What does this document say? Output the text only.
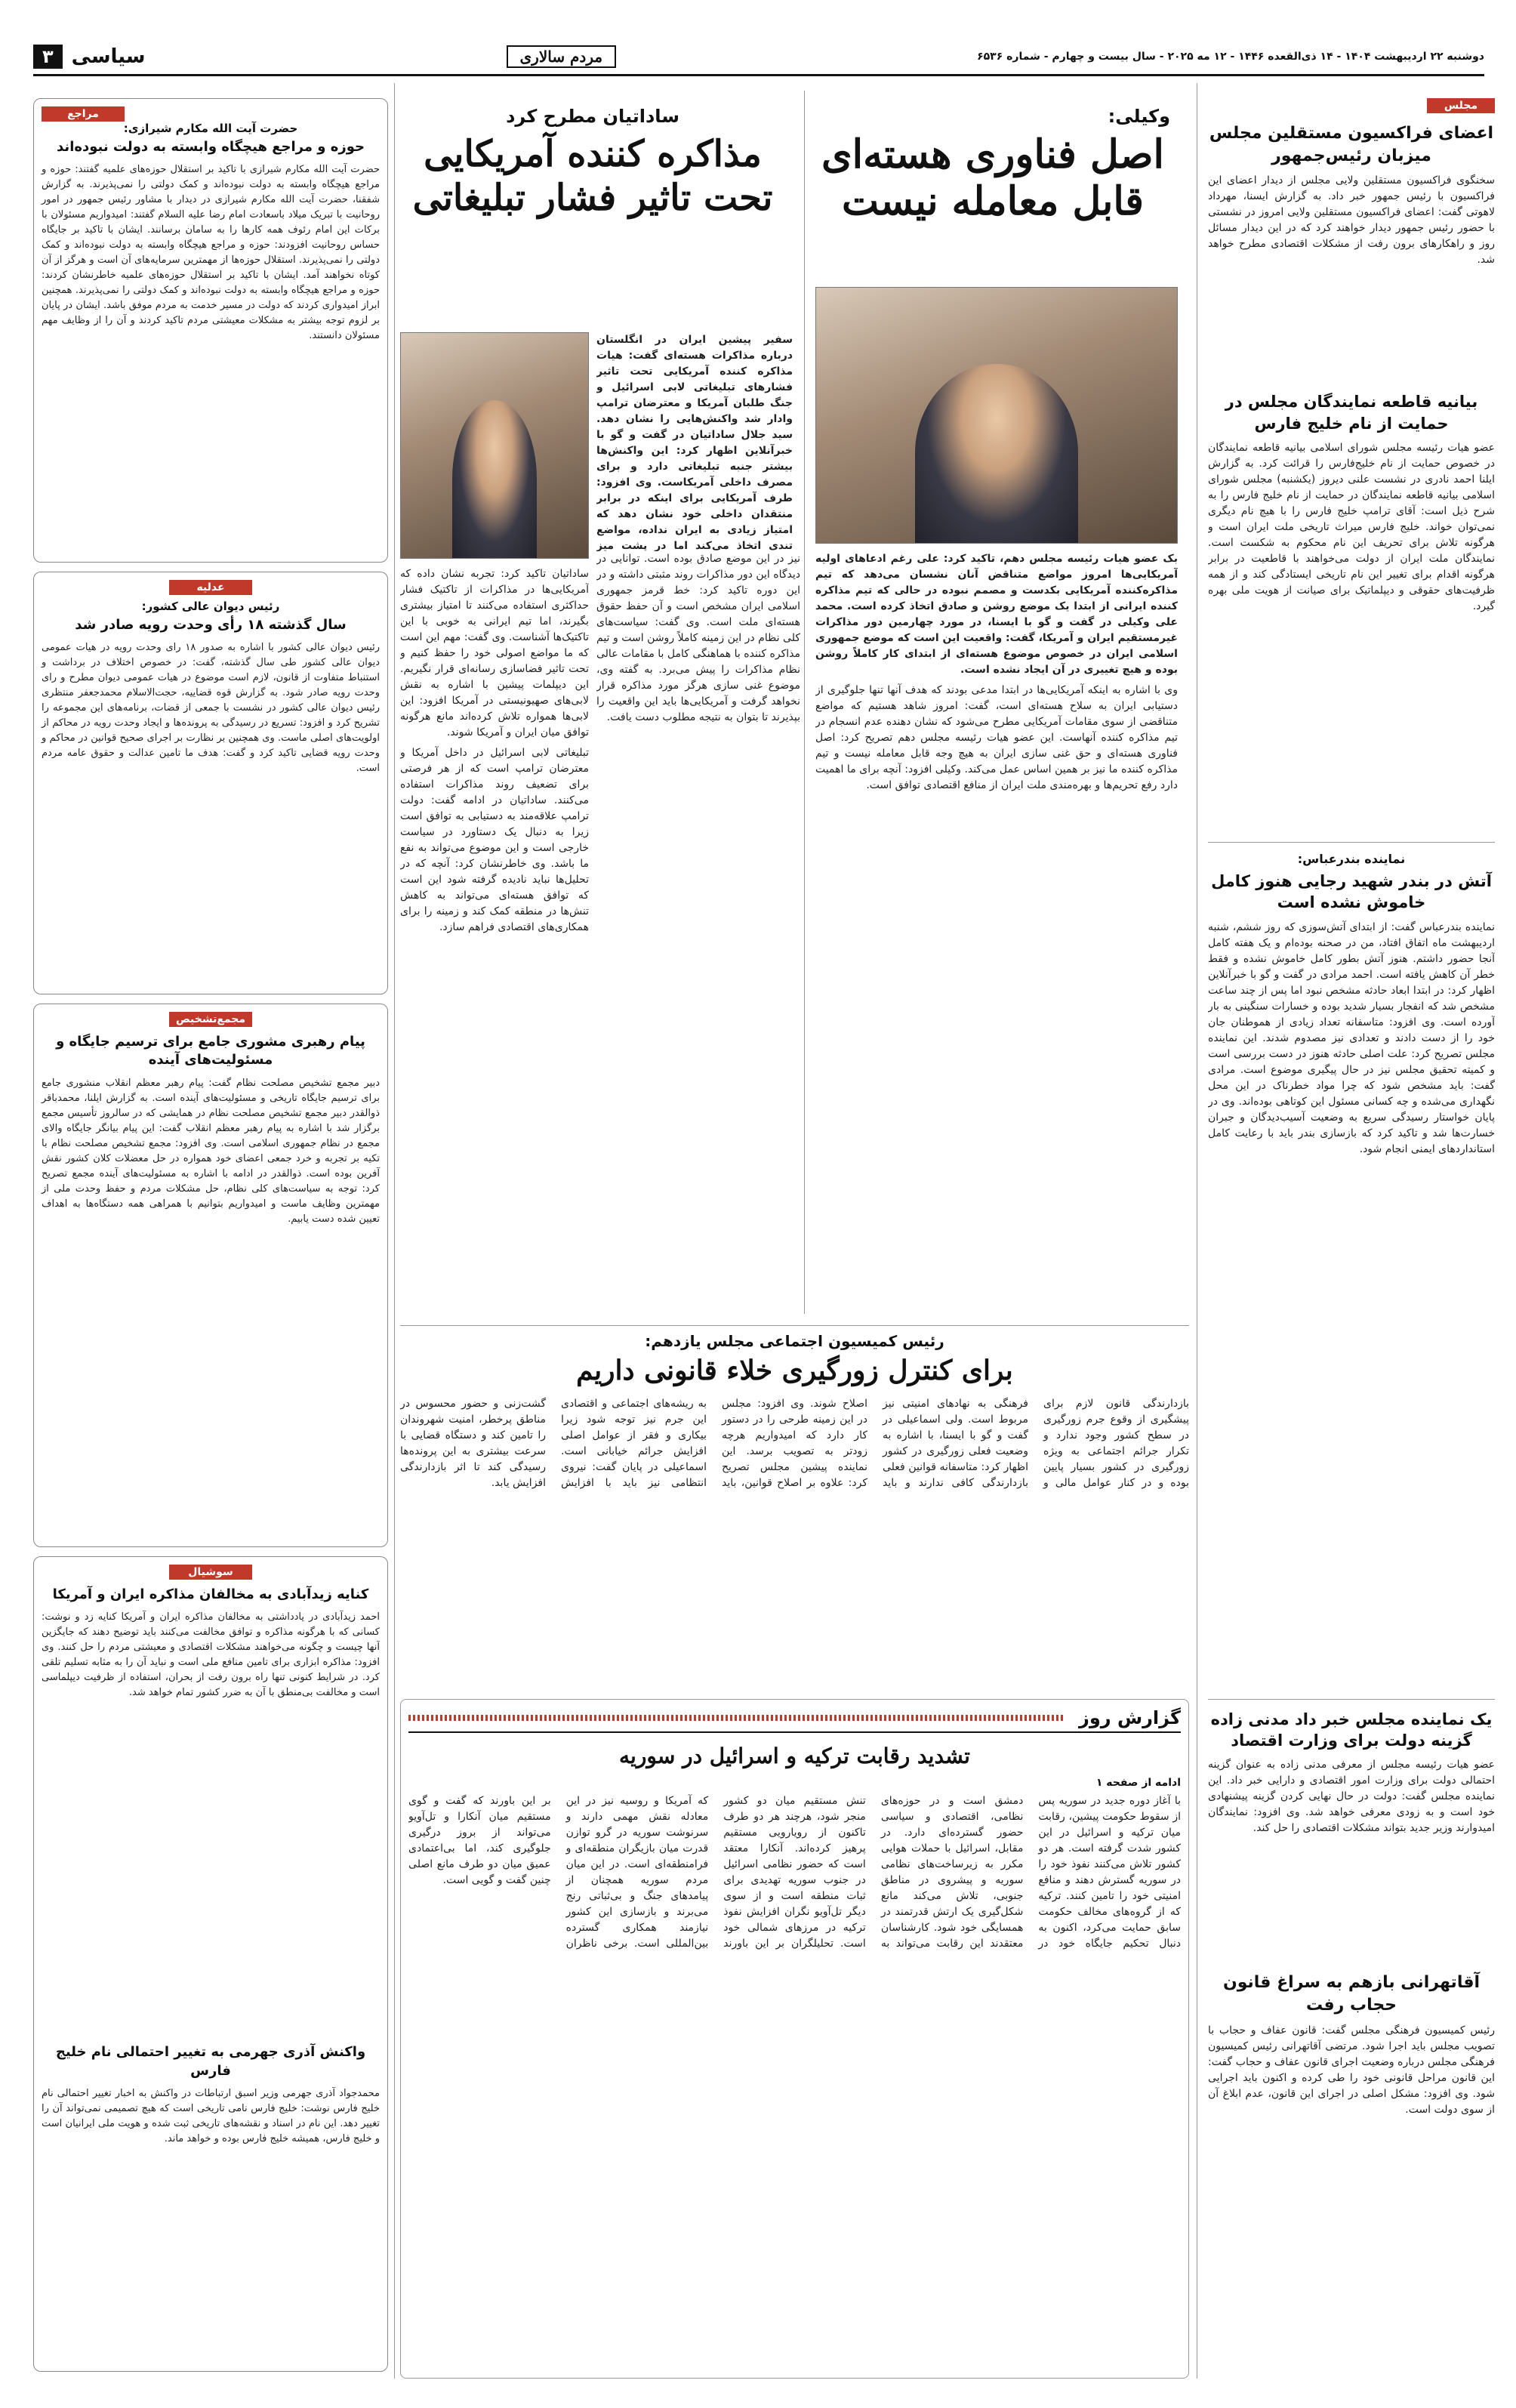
دوشنبه ۲۲ اردیبهشت ۱۴۰۴ - ۱۴ ذی‌القعده ۱۴۴۶ - ۱۲ مه ۲۰۲۵ - سال بیست و چهارم - شماره ۶۵۳۶
مردم سالاری
سیاسی
۳
مجلس
اعضای فراکسیون مستقلین مجلس میزبان رئیس‌جمهور

سخنگوی فراکسیون مستقلین ولایی مجلس از دیدار اعضای این فراکسیون با رئیس جمهور خبر داد. به گزارش ایسنا، مهرداد لاهوتی گفت: اعضای فراکسیون مستقلین ولایی امروز در نشستی با حضور رئیس جمهور دیدار خواهند کرد که در این دیدار مسائل روز و راهکارهای برون رفت از مشکلات اقتصادی مطرح خواهد شد.

بیانیه قاطعه نمایندگان مجلس در حمایت از نام خلیج فارس

عضو هیات رئیسه مجلس شورای اسلامی بیانیه قاطعه نمایندگان در خصوص حمایت از نام خلیج‌فارس را قرائت کرد. به گزارش ایلنا احمد نادری در نشست علنی دیروز (یکشنبه) مجلس شورای اسلامی بیانیه قاطعه نمایندگان در حمایت از نام خلیج فارس را به شرح ذیل است: آقای ترامپ خلیج فارس را با هیچ نام دیگری نمی‌توان خواند. خلیج فارس میراث تاریخی ملت ایران است و هرگونه تلاش برای تحریف این نام محکوم به شکست است. نمایندگان ملت ایران از دولت می‌خواهند با قاطعیت در برابر هرگونه اقدام برای تغییر این نام تاریخی ایستادگی کند و از همه ظرفیت‌های حقوقی و دیپلماتیک برای صیانت از هویت ملی بهره گیرد.

نماینده بندرعباس:
آتش در بندر شهید رجایی هنوز کامل خاموش نشده است

نماینده بندرعباس گفت: از ابتدای آتش‌سوزی که روز ششم، شنبه اردیبهشت ماه اتفاق افتاد، من در صحنه بوده‌ام و یک هفته کامل آنجا حضور داشتم. هنوز آتش بطور کامل خاموش نشده و فقط خطر آن کاهش یافته است. احمد مرادی در گفت و گو با خبرآنلاین اظهار کرد: در ابتدا ابعاد حادثه مشخص نبود اما پس از چند ساعت مشخص شد که انفجار بسیار شدید بوده و خسارات سنگینی به بار آورده است. وی افزود: متاسفانه تعداد زیادی از هموطنان جان خود را از دست دادند و تعدادی نیز مصدوم شدند. این نماینده مجلس تصریح کرد: علت اصلی حادثه هنوز در دست بررسی است و کمیته تحقیق مجلس نیز در حال پیگیری موضوع است. مرادی گفت: باید مشخص شود که چرا مواد خطرناک در این محل نگهداری می‌شده و چه کسانی مسئول این کوتاهی بوده‌اند. وی در پایان خواستار رسیدگی سریع به وضعیت آسیب‌دیدگان و جبران خسارت‌ها شد و تاکید کرد که بازسازی بندر باید با رعایت کامل استانداردهای ایمنی انجام شود.

یک نماینده مجلس خبر داد مدنی زاده گزینه دولت برای وزارت اقتصاد

عضو هیات رئیسه مجلس از معرفی مدنی زاده به عنوان گزینه احتمالی دولت برای وزارت امور اقتصادی و دارایی خبر داد. این نماینده مجلس گفت: دولت در حال نهایی کردن گزینه پیشنهادی خود است و به زودی معرفی خواهد شد. وی افزود: نمایندگان امیدوارند وزیر جدید بتواند مشکلات اقتصادی را حل کند.

آقاتهرانی بازهم به سراغ قانون حجاب رفت

رئیس کمیسیون فرهنگی مجلس گفت: قانون عفاف و حجاب با تصویب مجلس باید اجرا شود. مرتضی آقاتهرانی رئیس کمیسیون فرهنگی مجلس درباره وضعیت اجرای قانون عفاف و حجاب گفت: این قانون مراحل قانونی خود را طی کرده و اکنون باید اجرایی شود. وی افزود: مشکل اصلی در اجرای این قانون، عدم ابلاغ آن از سوی دولت است.

مراجع
حضرت آیت الله مکارم شیرازی:
حوزه و مراجع هیچگاه وابسته به دولت نبوده‌اند

حضرت آیت الله مکارم شیرازی با تاکید بر استقلال حوزه‌های علمیه گفتند: حوزه و مراجع هیچگاه وابسته به دولت نبوده‌اند و کمک دولتی را نمی‌پذیرند. به گزارش شفقنا، حضرت آیت الله مکارم شیرازی در دیدار با مشاور رئیس جمهور در امور روحانیت با تبریک میلاد باسعادت امام رضا علیه السلام گفتند: امیدواریم مسئولان با برکات این امام رئوف همه کارها را به سامان برسانند. ایشان با تاکید بر جایگاه حساس روحانیت افزودند: حوزه و مراجع هیچگاه وابسته به دولت نبوده‌اند و کمک دولتی را نمی‌پذیرند. استقلال حوزه‌ها از مهمترین سرمایه‌های آن است و هرگز از آن کوتاه نخواهند آمد. ایشان با تاکید بر استقلال حوزه‌های علمیه خاطرنشان کردند: حوزه و مراجع هیچگاه وابسته به دولت نبوده‌اند و کمک دولتی را نمی‌پذیرند. همچنین ابراز امیدواری کردند که دولت در مسیر خدمت به مردم موفق باشد. ایشان در پایان بر لزوم توجه بیشتر به مشکلات معیشتی مردم تاکید کردند و آن را از وظایف مهم مسئولان دانستند.

عدلیه
رئیس دیوان عالی کشور:
سال گذشته ۱۸ رأی وحدت رویه صادر شد

رئیس دیوان عالی کشور با اشاره به صدور ۱۸ رای وحدت رویه در هیات عمومی دیوان عالی کشور طی سال گذشته، گفت: در خصوص اختلاف در برداشت و استنباط متفاوت از قانون، لازم است موضوع در هیات عمومی دیوان مطرح و رای وحدت رویه صادر شود. به گزارش قوه قضاییه، حجت‌الاسلام محمدجعفر منتظری رئیس دیوان عالی کشور در نشست با جمعی از قضات، برنامه‌های این مجموعه را تشریح کرد و افزود: تسریع در رسیدگی به پرونده‌ها و ایجاد وحدت رویه در محاکم از اولویت‌های اصلی ماست. وی همچنین بر نظارت بر اجرای صحیح قوانین در محاکم و وحدت رویه قضایی تاکید کرد و گفت: هدف ما تامین عدالت و حقوق عامه مردم است.

مجمع‌تشخیص
پیام رهبری مشوری جامع برای ترسیم جایگاه و مسئولیت‌های آینده

دبیر مجمع تشخیص مصلحت نظام گفت: پیام رهبر معظم انقلاب منشوری جامع برای ترسیم جایگاه تاریخی و مسئولیت‌های آینده است. به گزارش ایلنا، محمدباقر ذوالقدر دبیر مجمع تشخیص مصلحت نظام در همایشی که در سالروز تأسیس مجمع برگزار شد با اشاره به پیام رهبر معظم انقلاب گفت: این پیام بیانگر جایگاه والای مجمع در نظام جمهوری اسلامی است. وی افزود: مجمع تشخیص مصلحت نظام با تکیه بر تجربه و خرد جمعی اعضای خود همواره در حل معضلات کلان کشور نقش آفرین بوده است. ذوالقدر در ادامه با اشاره به مسئولیت‌های آینده مجمع تصریح کرد: توجه به سیاست‌های کلی نظام، حل مشکلات مردم و حفظ وحدت ملی از مهمترین وظایف ماست و امیدواریم بتوانیم با همراهی همه دستگاه‌ها به اهداف تعیین شده دست یابیم.

سوشیال
کنایه زیدآبادی به مخالفان مذاکره ایران و آمریکا

احمد زیدآبادی در یادداشتی به مخالفان مذاکره ایران و آمریکا کنایه زد و نوشت: کسانی که با هرگونه مذاکره و توافق مخالفت می‌کنند باید توضیح دهند که جایگزین آنها چیست و چگونه می‌خواهند مشکلات اقتصادی و معیشتی مردم را حل کنند. وی افزود: مذاکره ابزاری برای تامین منافع ملی است و نباید آن را به مثابه تسلیم تلقی کرد. در شرایط کنونی تنها راه برون رفت از بحران، استفاده از ظرفیت دیپلماسی است و مخالفت بی‌منطق با آن به ضرر کشور تمام خواهد شد.

واکنش آذری جهرمی به تغییر احتمالی نام خلیج فارس

محمدجواد آذری جهرمی وزیر اسبق ارتباطات در واکنش به اخبار تغییر احتمالی نام خلیج فارس نوشت: خلیج فارس نامی تاریخی است که هیچ تصمیمی نمی‌تواند آن را تغییر دهد. این نام در اسناد و نقشه‌های تاریخی ثبت شده و هویت ملی ایرانیان است و خلیج فارس، همیشه خلیج فارس بوده و خواهد ماند.

وکیلی:
اصل فناوری هسته‌ای قابل معامله نیست

بک عضو هیات رئیسه مجلس دهم، تاکید کرد: علی رغم ادعاهای اولیه آمریکایی‌ها امروز مواضع متناقض آنان نشسان می‌دهد که تیم مذاکره‌کننده آمریکایی بکدست و مصمم نبوده در حالی که تیم مذاکره کننده ایرانی از ابتدا یک موضع روشن و صادق اتخاذ کرده است. محمد علی وکیلی در گفت و گو با ایسنا، در مورد چهارمین دور مذاکرات غیرمستقیم ایران و آمریکا، گفت: واقعیت این است که موضع جمهوری اسلامی ایران در خصوص موضوع هسته‌ای از ابتدای کار کاملاً روشن بوده و هیچ تغییری در آن ایجاد نشده است.

وی با اشاره به اینکه آمریکایی‌ها در ابتدا مدعی بودند که هدف آنها تنها جلوگیری از دستیابی ایران به سلاح هسته‌ای است، گفت: امروز شاهد هستیم که مواضع متناقضی از سوی مقامات آمریکایی مطرح می‌شود که نشان دهنده عدم انسجام در تیم مذاکره کننده آنهاست. این عضو هیات رئیسه مجلس دهم تصریح کرد: اصل فناوری هسته‌ای و حق غنی سازی ایران به هیچ وجه قابل معامله نیست و تیم مذاکره کننده ما نیز بر همین اساس عمل می‌کند. وکیلی افزود: آنچه برای ما اهمیت دارد رفع تحریم‌ها و بهره‌مندی ملت ایران از منافع اقتصادی توافق است.

نیز در این موضع صادق بوده است. توانایی در دیدگاه این دور مذاکرات روند مثبتی داشته و در این دوره تاکید کرد: خط قرمز جمهوری اسلامی ایران مشخص است و آن حفظ حقوق هسته‌ای ملت است. وی گفت: سیاست‌های کلی نظام در این زمینه کاملاً روشن است و تیم مذاکره کننده با هماهنگی کامل با مقامات عالی نظام مذاکرات را پیش می‌برد. به گفته وی، موضوع غنی سازی هرگز مورد مذاکره قرار نخواهد گرفت و آمریکایی‌ها باید این واقعیت را بپذیرند تا بتوان به نتیجه مطلوب دست یافت.

ساداتیان مطرح کرد
مذاکره کننده آمریکایی تحت تاثیر فشار تبلیغاتی

سفیر پیشین ایران در انگلستان درباره مذاکرات هسته‌ای گفت: هیات مذاکره کننده آمریکایی تحت تاثیر فشارهای تبلیغاتی لابی اسرائیل و جنگ طلبان آمریکا و معترضان ترامپ وادار شد واکنش‌هایی را نشان دهد. سید جلال ساداتیان در گفت و گو با خبرآنلاین اظهار کرد: این واکنش‌ها بیشتر جنبه تبلیغاتی دارد و برای مصرف داخلی آمریکاست. وی افزود: طرف آمریکایی برای اینکه در برابر منتقدان داخلی خود نشان دهد که امتیاز زیادی به ایران نداده، مواضع تندی اتخاذ می‌کند اما در پشت میز

ساداتیان تاکید کرد: تجربه نشان داده که آمریکایی‌ها در مذاکرات از تاکتیک فشار حداکثری استفاده می‌کنند تا امتیاز بیشتری بگیرند، اما تیم ایرانی به خوبی با این تاکتیک‌ها آشناست. وی گفت: مهم این است که ما مواضع اصولی خود را حفظ کنیم و تحت تاثیر فضاسازی رسانه‌ای قرار نگیریم. این دیپلمات پیشین با اشاره به نقش لابی‌های صهیونیستی در آمریکا افزود: این لابی‌ها همواره تلاش کرده‌اند مانع هرگونه توافق میان ایران و آمریکا شوند.

تبلیغاتی لابی اسرائیل در داخل آمریکا و معترضان ترامپ است که از هر فرصتی برای تضعیف روند مذاکرات استفاده می‌کنند. ساداتیان در ادامه گفت: دولت ترامپ علاقه‌مند به دستیابی به توافق است زیرا به دنبال یک دستاورد در سیاست خارجی است و این موضوع می‌تواند به نفع ما باشد. وی خاطرنشان کرد: آنچه که در تحلیل‌ها نباید نادیده گرفته شود این است که توافق هسته‌ای می‌تواند به کاهش تنش‌ها در منطقه کمک کند و زمینه را برای همکاری‌های اقتصادی فراهم سازد.

رئیس کمیسیون اجتماعی مجلس یازدهم:
برای کنترل زورگیری خلاء قانونی داریم

بازدارندگی قانون لازم برای پیشگیری از وقوع جرم زورگیری در سطح کشور وجود ندارد و تکرار جرائم اجتماعی به ویژه زورگیری در کشور بسیار پایین بوده و در کنار عوامل مالی و فرهنگی به نهادهای امنیتی نیز مربوط است. ولی اسماعیلی در گفت و گو با ایسنا، با اشاره به وضعیت فعلی زورگیری در کشور اظهار کرد: متاسفانه قوانین فعلی بازدارندگی کافی ندارند و باید اصلاح شوند. وی افزود: مجلس در این زمینه طرحی را در دستور کار دارد که امیدواریم هرچه زودتر به تصویب برسد. این نماینده پیشین مجلس تصریح کرد: علاوه بر اصلاح قوانین، باید به ریشه‌های اجتماعی و اقتصادی این جرم نیز توجه شود زیرا بیکاری و فقر از عوامل اصلی افزایش جرائم خیابانی است. اسماعیلی در پایان گفت: نیروی انتظامی نیز باید با افزایش گشت‌زنی و حضور محسوس در مناطق پرخطر، امنیت شهروندان را تامین کند و دستگاه قضایی با سرعت بیشتری به این پرونده‌ها رسیدگی کند تا اثر بازدارندگی افزایش یابد.

گزارش روز
تشدید رقابت ترکیه و اسرائیل در سوریه
ادامه از صفحه ۱

با آغاز دوره جدید در سوریه پس از سقوط حکومت پیشین، رقابت میان ترکیه و اسرائیل در این کشور شدت گرفته است. هر دو کشور تلاش می‌کنند نفوذ خود را در سوریه گسترش دهند و منافع امنیتی خود را تامین کنند. ترکیه که از گروه‌های مخالف حکومت سابق حمایت می‌کرد، اکنون به دنبال تحکیم جایگاه خود در دمشق است و در حوزه‌های نظامی، اقتصادی و سیاسی حضور گسترده‌ای دارد. در مقابل، اسرائیل با حملات هوایی مکرر به زیرساخت‌های نظامی سوریه و پیشروی در مناطق جنوبی، تلاش می‌کند مانع شکل‌گیری یک ارتش قدرتمند در همسایگی خود شود. کارشناسان معتقدند این رقابت می‌تواند به تنش مستقیم میان دو کشور منجر شود، هرچند هر دو طرف تاکنون از رویارویی مستقیم پرهیز کرده‌اند. آنکارا معتقد است که حضور نظامی اسرائیل در جنوب سوریه تهدیدی برای ثبات منطقه است و از سوی دیگر تل‌آویو نگران افزایش نفوذ ترکیه در مرزهای شمالی خود است. تحلیلگران بر این باورند که آمریکا و روسیه نیز در این معادله نقش مهمی دارند و سرنوشت سوریه در گرو توازن قدرت میان بازیگران منطقه‌ای و فرامنطقه‌ای است. در این میان مردم سوریه همچنان از پیامدهای جنگ و بی‌ثباتی رنج می‌برند و بازسازی این کشور نیازمند همکاری گسترده بین‌المللی است. برخی ناظران بر این باورند که گفت و گوی مستقیم میان آنکارا و تل‌آویو می‌تواند از بروز درگیری جلوگیری کند، اما بی‌اعتمادی عمیق میان دو طرف مانع اصلی چنین گفت و گویی است.
